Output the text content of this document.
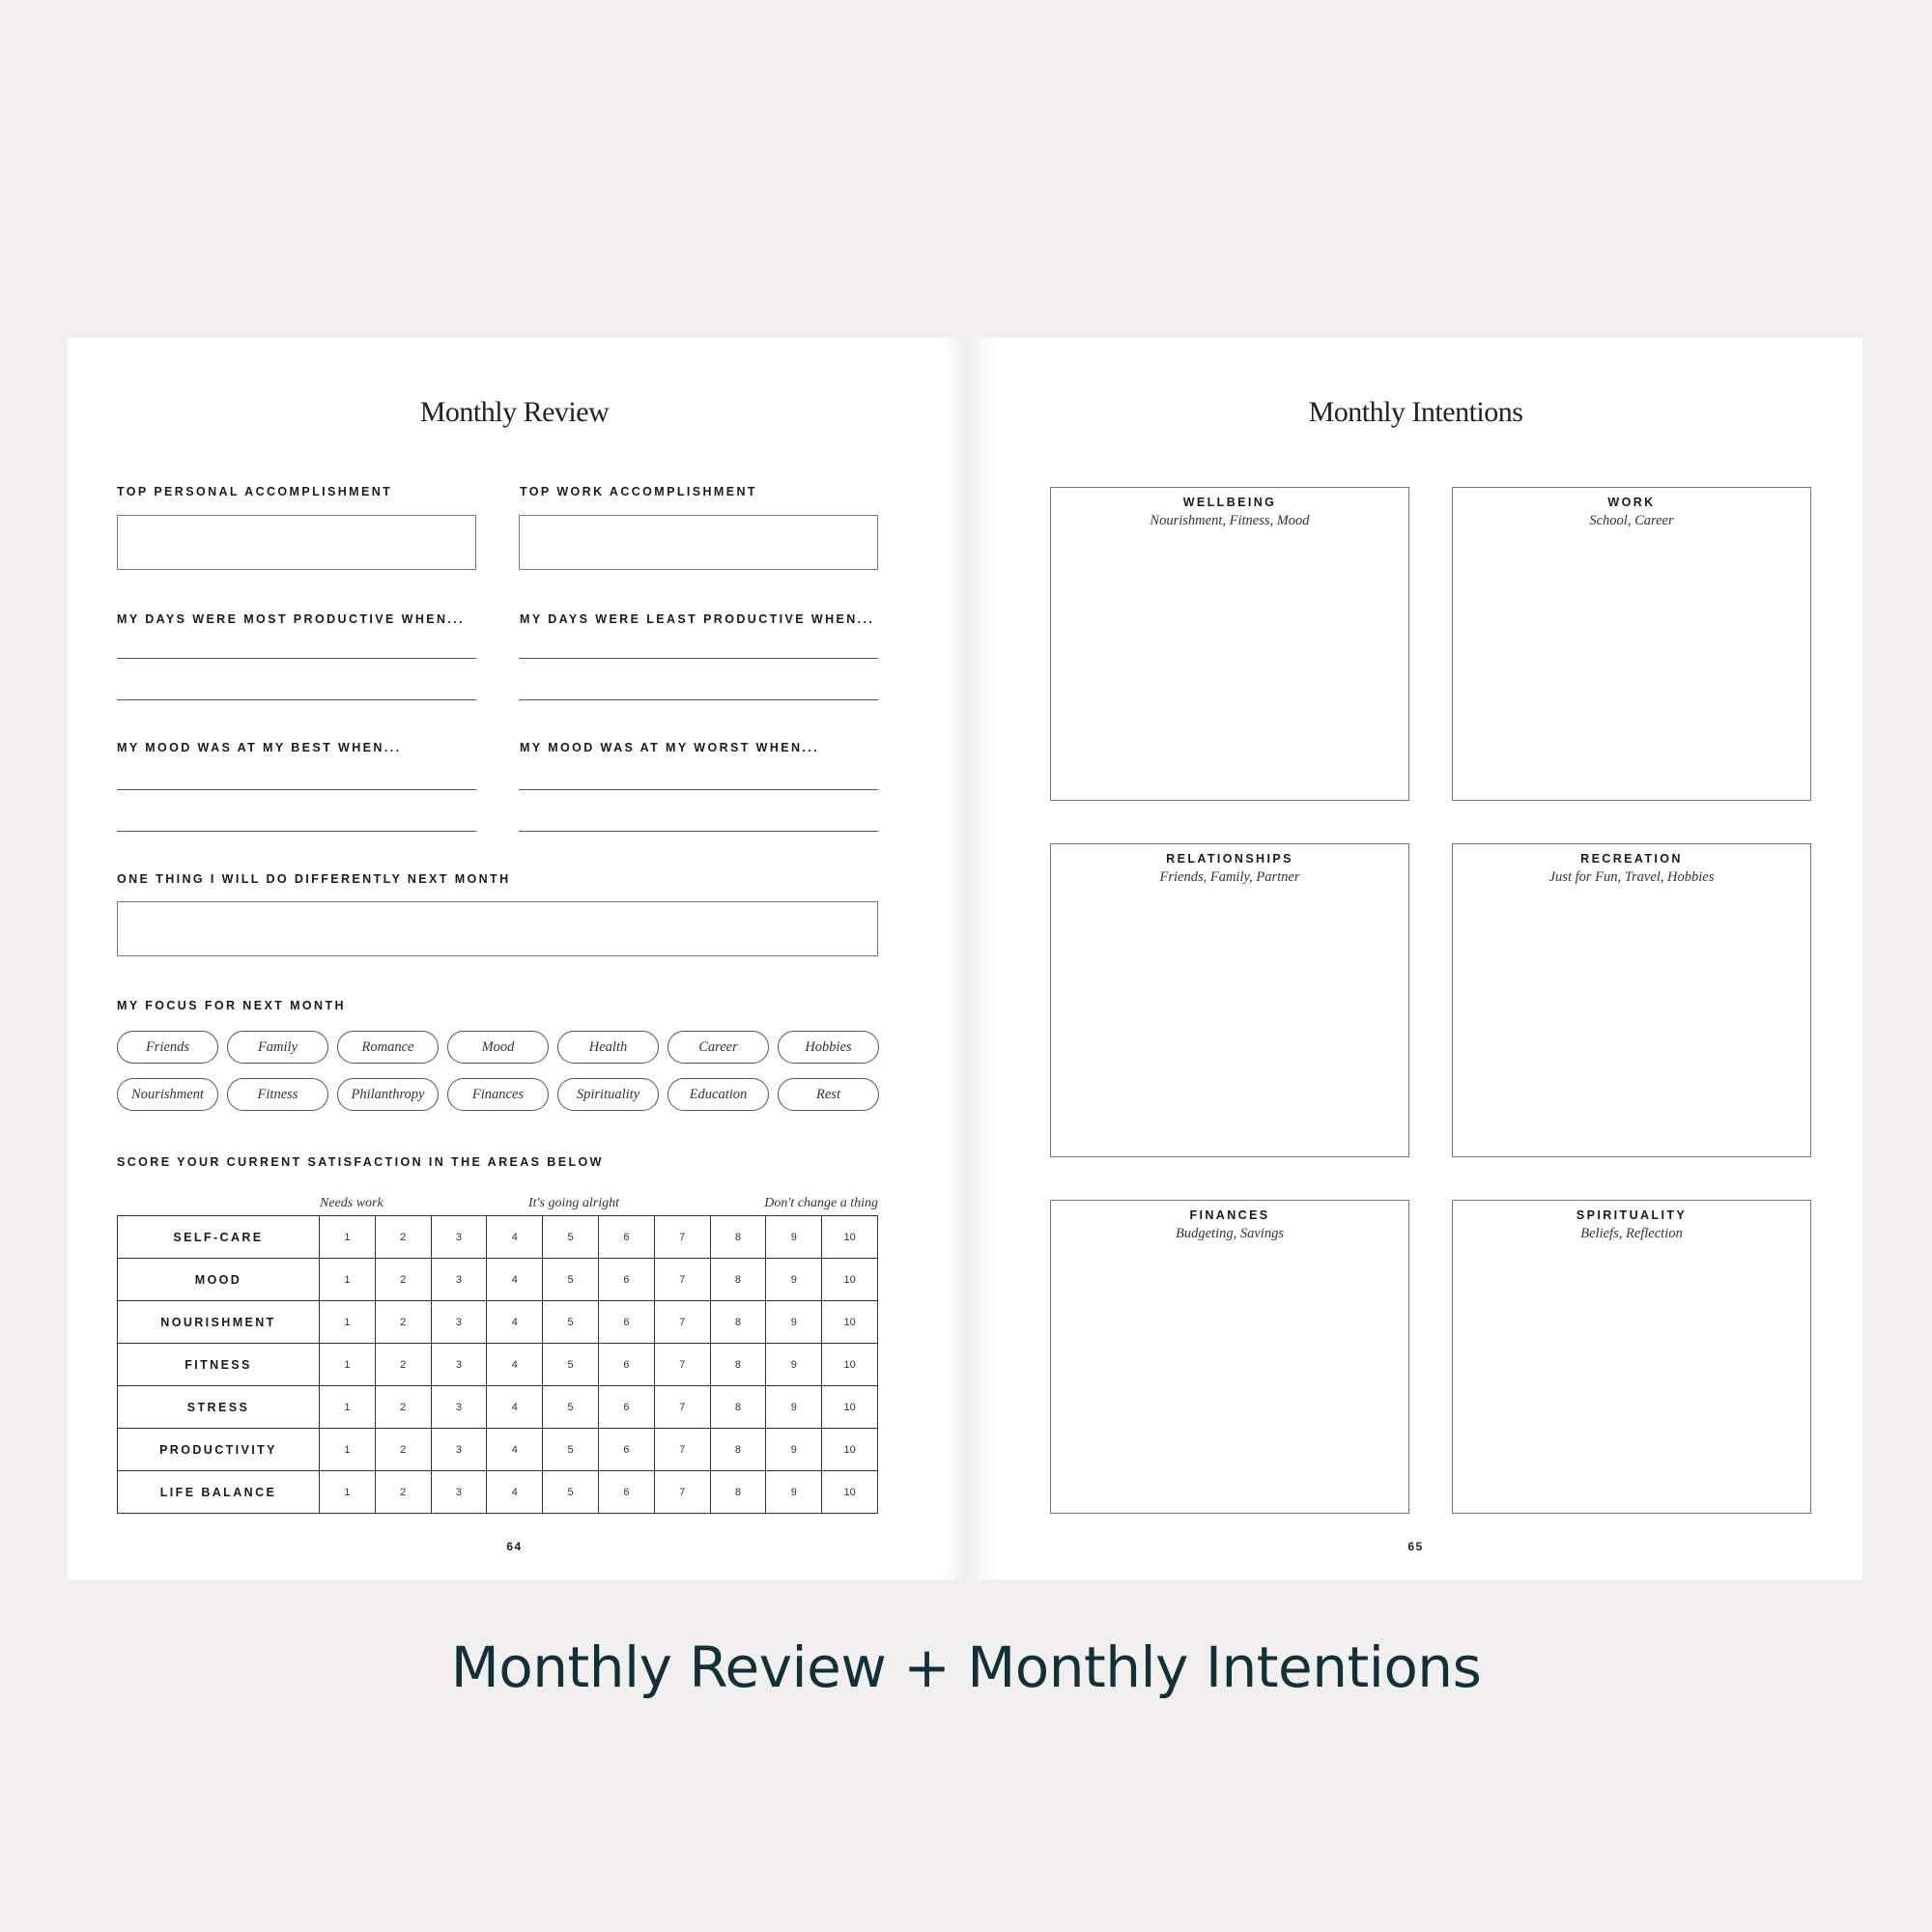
Monthly Review
TOP PERSONAL ACCOMPLISHMENT	TOP WORK ACCOMPLISHMENT
MY DAYS WERE MOST PRODUCTIVE WHEN...	MY DAYS WERE LEAST PRODUCTIVE WHEN...
MY MOOD WAS AT MY BEST WHEN...	MY MOOD WAS AT MY WORST WHEN...
ONE THING I WILL DO DIFFERENTLY NEXT MONTH
MY FOCUS FOR NEXT MONTH
Friends	Family	Romance	Mood	Health	Career	Hobbies
Nourishment	Fitness	Philanthropy	Finances	Spirituality	Education	Rest
SCORE YOUR CURRENT SATISFACTION IN THE AREAS BELOW
Needs work	It's going alright	Don't change a thing
SELF-CARE	1	2	3	4	5	6	7	8	9	10
MOOD	1	2	3	4	5	6	7	8	9	10
NOURISHMENT	1	2	3	4	5	6	7	8	9	10
FITNESS	1	2	3	4	5	6	7	8	9	10
STRESS	1	2	3	4	5	6	7	8	9	10
PRODUCTIVITY	1	2	3	4	5	6	7	8	9	10
LIFE BALANCE	1	2	3	4	5	6	7	8	9	10
64
Monthly Intentions
WELLBEING
Nourishment, Fitness, Mood
WORK
School, Career
RELATIONSHIPS
Friends, Family, Partner
RECREATION
Just for Fun, Travel, Hobbies
FINANCES
Budgeting, Savings
SPIRITUALITY
Beliefs, Reflection
65
Monthly Review + Monthly Intentions
